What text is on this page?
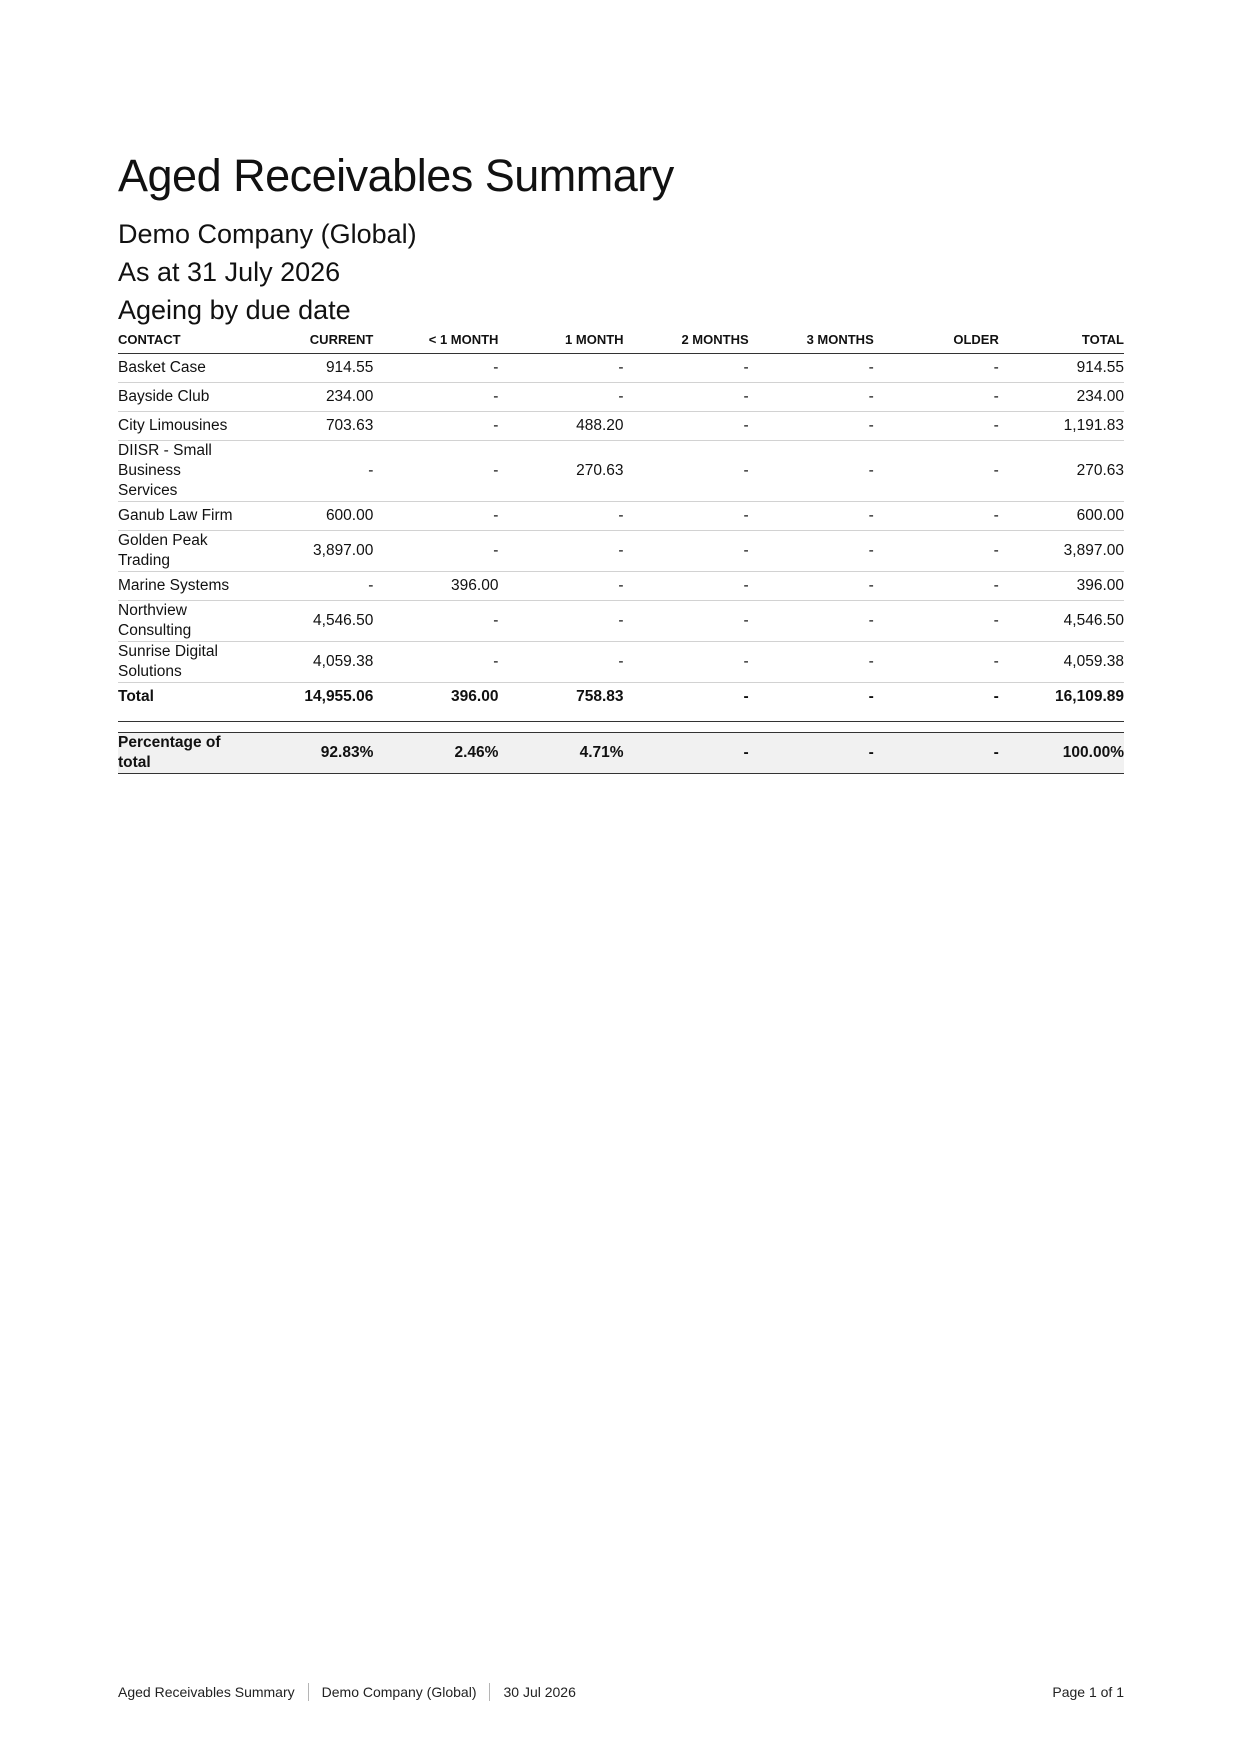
Aged Receivables Summary
Demo Company (Global)
As at 31 July 2026
Ageing by due date
CONTACT	CURRENT	< 1 MONTH	1 MONTH	2 MONTHS	3 MONTHS	OLDER	TOTAL
Basket Case	914.55	-	-	-	-	-	914.55
Bayside Club	234.00	-	-	-	-	-	234.00
City Limousines	703.63	-	488.20	-	-	-	1,191.83
DIISR - Small Business Services	-	-	270.63	-	-	-	270.63
Ganub Law Firm	600.00	-	-	-	-	-	600.00
Golden Peak Trading	3,897.00	-	-	-	-	-	3,897.00
Marine Systems	-	396.00	-	-	-	-	396.00
Northview Consulting	4,546.50	-	-	-	-	-	4,546.50
Sunrise Digital Solutions	4,059.38	-	-	-	-	-	4,059.38
Total	14,955.06	396.00	758.83	-	-	-	16,109.89

Percentage of total	92.83%	2.46%	4.71%	-	-	-	100.00%
Aged Receivables Summary Demo Company (Global) 30 Jul 2026	Page 1 of 1
